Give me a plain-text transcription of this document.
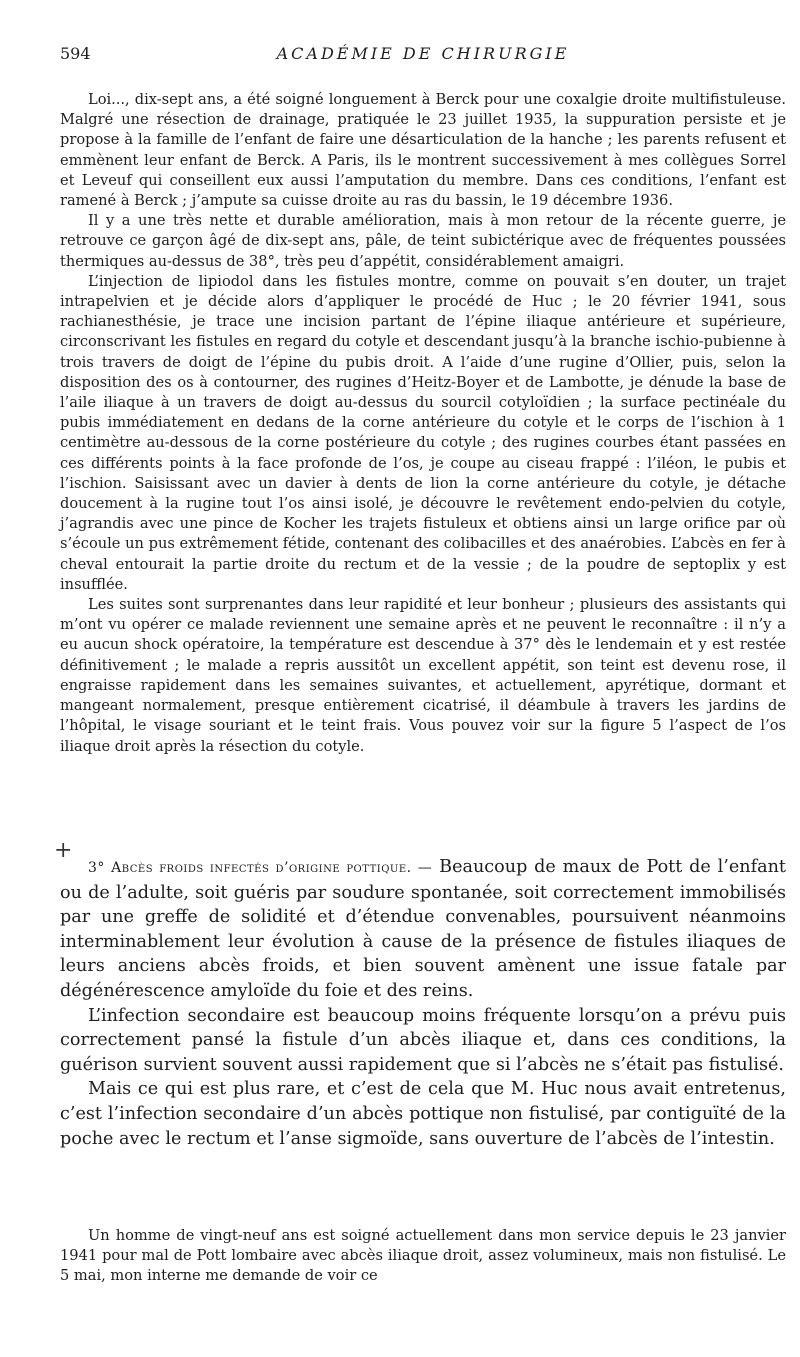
594	ACADÉMIE DE CHIRURGIE

Loi..., dix-sept ans, a été soigné longuement à Berck pour une coxalgie droite multifistuleuse. Malgré une résection de drainage, pratiquée le 23 juillet 1935, la suppuration persiste et je propose à la famille de l’enfant de faire une désarticulation de la hanche ; les parents refusent et emmènent leur enfant de Berck. A Paris, ils le montrent successivement à mes collègues Sorrel et Leveuf qui conseillent eux aussi l’amputation du membre. Dans ces conditions, l’enfant est ramené à Berck ; j’ampute sa cuisse droite au ras du bassin, le 19 décembre 1936.

Il y a une très nette et durable amélioration, mais à mon retour de la récente guerre, je retrouve ce garçon âgé de dix-sept ans, pâle, de teint subictérique avec de fréquentes poussées thermiques au-dessus de 38°, très peu d’appétit, considérablement amaigri.

L’injection de lipiodol dans les fistules montre, comme on pouvait s’en douter, un trajet intrapelvien et je décide alors d’appliquer le procédé de Huc ; le 20 février 1941, sous rachianesthésie, je trace une incision partant de l’épine iliaque antérieure et supérieure, circonscrivant les fistules en regard du cotyle et descendant jusqu’à la branche ischio-pubienne à trois travers de doigt de l’épine du pubis droit. A l’aide d’une rugine d’Ollier, puis, selon la disposition des os à contourner, des rugines d’Heitz-Boyer et de Lambotte, je dénude la base de l’aile iliaque à un travers de doigt au-dessus du sourcil cotyloïdien ; la surface pectinéale du pubis immédiatement en dedans de la corne antérieure du cotyle et le corps de l’ischion à 1 centimètre au-dessous de la corne postérieure du cotyle ; des rugines courbes étant passées en ces différents points à la face profonde de l’os, je coupe au ciseau frappé : l’iléon, le pubis et l’ischion. Saisissant avec un davier à dents de lion la corne antérieure du cotyle, je détache doucement à la rugine tout l’os ainsi isolé, je découvre le revêtement endo-pelvien du cotyle, j’agrandis avec une pince de Kocher les trajets fistuleux et obtiens ainsi un large orifice par où s’écoule un pus extrêmement fétide, contenant des colibacilles et des anaérobies. L’abcès en fer à cheval entourait la partie droite du rectum et de la vessie ; de la poudre de septoplix y est insufflée.

Les suites sont surprenantes dans leur rapidité et leur bonheur ; plusieurs des assistants qui m’ont vu opérer ce malade reviennent une semaine après et ne peuvent le reconnaître : il n’y a eu aucun shock opératoire, la température est descendue à 37° dès le lendemain et y est restée définitivement ; le malade a repris aussitôt un excellent appétit, son teint est devenu rose, il engraisse rapidement dans les semaines suivantes, et actuellement, apyrétique, dormant et mangeant normalement, presque entièrement cicatrisé, il déambule à travers les jardins de l’hôpital, le visage souriant et le teint frais. Vous pouvez voir sur la figure 5 l’aspect de l’os iliaque droit après la résection du cotyle.

+

3° Abcès froids infectés d’origine pottique. — Beaucoup de maux de Pott de l’enfant ou de l’adulte, soit guéris par soudure spontanée, soit correctement immobilisés par une greffe de solidité et d’étendue convenables, poursuivent néanmoins interminablement leur évolution à cause de la présence de fistules iliaques de leurs anciens abcès froids, et bien souvent amènent une issue fatale par dégénérescence amyloïde du foie et des reins.

L’infection secondaire est beaucoup moins fréquente lorsqu’on a prévu puis correctement pansé la fistule d’un abcès iliaque et, dans ces conditions, la guérison survient souvent aussi rapidement que si l’abcès ne s’était pas fistulisé.

Mais ce qui est plus rare, et c’est de cela que M. Huc nous avait entretenus, c’est l’infection secondaire d’un abcès pottique non fistulisé, par contiguïté de la poche avec le rectum et l’anse sigmoïde, sans ouverture de l’abcès de l’intestin.

Un homme de vingt-neuf ans est soigné actuellement dans mon service depuis le 23 janvier 1941 pour mal de Pott lombaire avec abcès iliaque droit, assez volumineux, mais non fistulisé. Le 5 mai, mon interne me demande de voir ce
